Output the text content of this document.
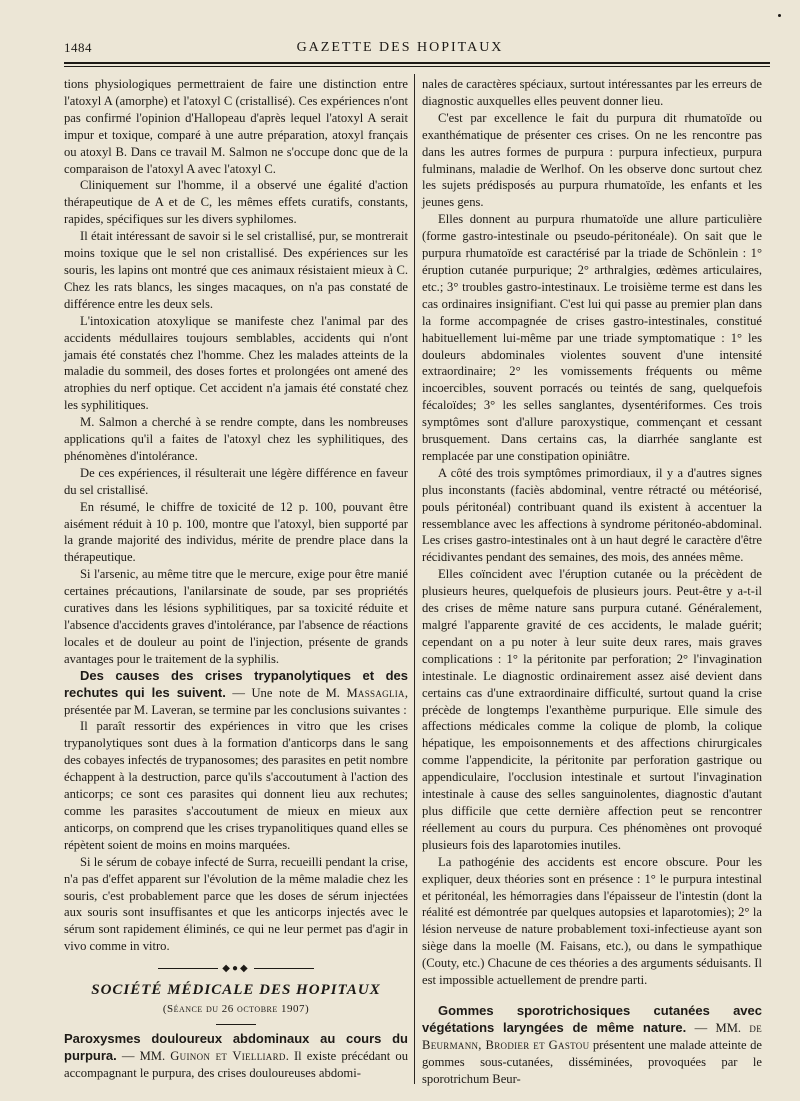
1484	GAZETTE DES HOPITAUX

tions physiologiques permettraient de faire une distinction entre l'atoxyl A (amorphe) et l'atoxyl C (cristallisé). Ces expériences n'ont pas confirmé l'opinion d'Hallopeau d'après lequel l'atoxyl A serait impur et toxique, comparé à une autre préparation, atoxyl français ou atoxyl B. Dans ce travail M. Salmon ne s'occupe donc que de la comparaison de l'atoxyl A avec l'atoxyl C.

Cliniquement sur l'homme, il a observé une égalité d'action thérapeutique de A et de C, les mêmes effets curatifs, constants, rapides, spécifiques sur les divers syphilomes.

Il était intéressant de savoir si le sel cristallisé, pur, se montrerait moins toxique que le sel non cristallisé. Des expériences sur les souris, les lapins ont montré que ces animaux résistaient mieux à C. Chez les rats blancs, les singes macaques, on n'a pas constaté de différence entre les deux sels.

L'intoxication atoxylique se manifeste chez l'animal par des accidents médullaires toujours semblables, accidents qui n'ont jamais été constatés chez l'homme. Chez les malades atteints de la maladie du sommeil, des doses fortes et prolongées ont amené des atrophies du nerf optique. Cet accident n'a jamais été constaté chez les syphilitiques.

M. Salmon a cherché à se rendre compte, dans les nombreuses applications qu'il a faites de l'atoxyl chez les syphilitiques, des phénomènes d'intolérance.

De ces expériences, il résulterait une légère différence en faveur du sel cristallisé.

En résumé, le chiffre de toxicité de 12 p. 100, pouvant être aisément réduit à 10 p. 100, montre que l'atoxyl, bien supporté par la grande majorité des individus, mérite de prendre place dans la thérapeutique.

Si l'arsenic, au même titre que le mercure, exige pour être manié certaines précautions, l'anilarsinate de soude, par ses propriétés curatives dans les lésions syphilitiques, par sa toxicité réduite et l'absence d'accidents graves d'intolérance, par l'absence de réactions locales et de douleur au point de l'injection, présente de grands avantages pour le traitement de la syphilis.

Des causes des crises trypanolytiques et des rechutes qui les suivent. — Une note de M. Massaglia, présentée par M. Laveran, se termine par les conclusions suivantes :

Il paraît ressortir des expériences in vitro que les crises trypanolytiques sont dues à la formation d'anticorps dans le sang des cobayes infectés de trypanosomes; des parasites en petit nombre échappent à la destruction, parce qu'ils s'accoutument à l'action des anticorps; ce sont ces parasites qui donnent lieu aux rechutes; comme les parasites s'accoutument de mieux en mieux aux anticorps, on comprend que les crises trypanolitiques quand elles se répètent soient de moins en moins marquées.

Si le sérum de cobaye infecté de Surra, recueilli pendant la crise, n'a pas d'effet apparent sur l'évolution de la même maladie chez les souris, c'est probablement parce que les doses de sérum injectées aux souris sont insuffisantes et que les anticorps injectés avec le sérum sont rapidement éliminés, ce qui ne leur permet pas d'agir in vivo comme in vitro.

◆●◆
SOCIÉTÉ MÉDICALE DES HOPITAUX
(Séance du 26 octobre 1907)

Paroxysmes douloureux abdominaux au cours du purpura. — MM. Guinon et Vielliard. Il existe précédant ou accompagnant le purpura, des crises douloureuses abdomi-

nales de caractères spéciaux, surtout intéressantes par les erreurs de diagnostic auxquelles elles peuvent donner lieu.

C'est par excellence le fait du purpura dit rhumatoïde ou exanthématique de présenter ces crises. On ne les rencontre pas dans les autres formes de purpura : purpura infectieux, purpura fulminans, maladie de Werlhof. On les observe donc surtout chez les sujets prédisposés au purpura rhumatoïde, les enfants et les jeunes gens.

Elles donnent au purpura rhumatoïde une allure particulière (forme gastro-intestinale ou pseudo-péritonéale). On sait que le purpura rhumatoïde est caractérisé par la triade de Schönlein : 1° éruption cutanée purpurique; 2° arthralgies, œdèmes articulaires, etc.; 3° troubles gastro-intestinaux. Le troisième terme est dans les cas ordinaires insignifiant. C'est lui qui passe au premier plan dans la forme accompagnée de crises gastro-intestinales, constitué habituellement lui-même par une triade symptomatique : 1° les douleurs abdominales violentes souvent d'une intensité extraordinaire; 2° les vomissements fréquents ou même incoercibles, souvent porracés ou teintés de sang, quelquefois fécaloïdes; 3° les selles sanglantes, dysentériformes. Ces trois symptômes sont d'allure paroxystique, commençant et cessant brusquement. Dans certains cas, la diarrhée sanglante est remplacée par une constipation opiniâtre.

A côté des trois symptômes primordiaux, il y a d'autres signes plus inconstants (faciès abdominal, ventre rétracté ou météorisé, pouls péritonéal) contribuant quand ils existent à accentuer la ressemblance avec les affections à syndrome péritonéo-abdominal. Les crises gastro-intestinales ont à un haut degré le caractère d'être récidivantes pendant des semaines, des mois, des années même.

Elles coïncident avec l'éruption cutanée ou la précèdent de plusieurs heures, quelquefois de plusieurs jours. Peut-être y a-t-il des crises de même nature sans purpura cutané. Généralement, malgré l'apparente gravité de ces accidents, le malade guérit; cependant on a pu noter à leur suite deux rares, mais graves complications : 1° la péritonite par perforation; 2° l'invagination intestinale. Le diagnostic ordinairement assez aisé devient dans certains cas d'une extraordinaire difficulté, surtout quand la crise précède de longtemps l'exanthème purpurique. Elle simule des affections médicales comme la colique de plomb, la colique hépatique, les empoisonnements et des affections chirurgicales comme l'appendicite, la péritonite par perforation gastrique ou appendiculaire, l'occlusion intestinale et surtout l'invagination intestinale à cause des selles sanguinolentes, diagnostic d'autant plus difficile que cette dernière affection peut se rencontrer réellement au cours du purpura. Ces phénomènes ont provoqué plusieurs fois des laparotomies inutiles.

La pathogénie des accidents est encore obscure. Pour les expliquer, deux théories sont en présence : 1° le purpura intestinal et péritonéal, les hémorragies dans l'épaisseur de l'intestin (dont la réalité est démontrée par quelques autopsies et laparotomies); 2° la lésion nerveuse de nature probablement toxi-infectieuse ayant son siège dans la moelle (M. Faisans, etc.), ou dans le sympathique (Couty, etc.) Chacune de ces théories a des arguments séduisants. Il est impossible actuellement de prendre parti.

Gommes sporotrichosiques cutanées avec végétations laryngées de même nature. — MM. de Beurmann, Brodier et Gastou présentent une malade atteinte de gommes sous-cutanées, disséminées, provoquées par le sporotrichum Beur-
